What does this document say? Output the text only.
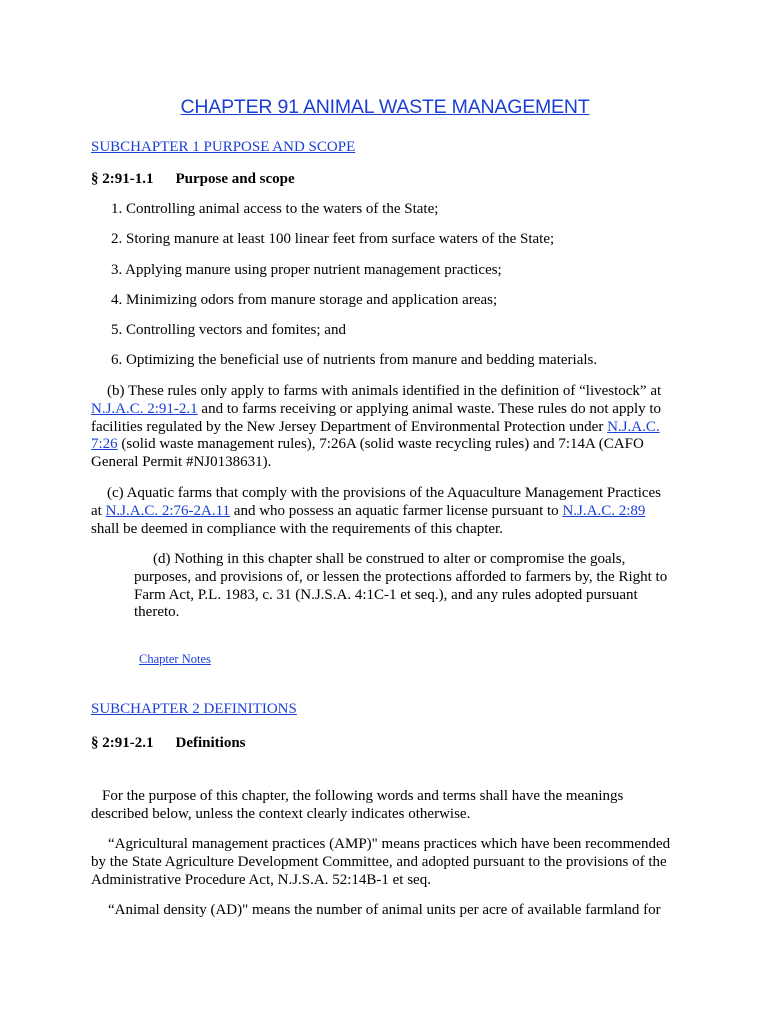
CHAPTER 91 ANIMAL WASTE MANAGEMENT
SUBCHAPTER 1 PURPOSE AND SCOPE
§ 2:91-1.1 Purpose and scope
1. Controlling animal access to the waters of the State;
2. Storing manure at least 100 linear feet from surface waters of the State;
3. Applying manure using proper nutrient management practices;
4. Minimizing odors from manure storage and application areas;
5. Controlling vectors and fomites; and
6. Optimizing the beneficial use of nutrients from manure and bedding materials.
(b) These rules only apply to farms with animals identified in the definition of “livestock” at
N.J.A.C. 2:91-2.1 and to farms receiving or applying animal waste. These rules do not apply to
facilities regulated by the New Jersey Department of Environmental Protection under N.J.A.C.
7:26 (solid waste management rules), 7:26A (solid waste recycling rules) and 7:14A (CAFO
General Permit #NJ0138631).
(c) Aquatic farms that comply with the provisions of the Aquaculture Management Practices
at N.J.A.C. 2:76-2A.11 and who possess an aquatic farmer license pursuant to N.J.A.C. 2:89
shall be deemed in compliance with the requirements of this chapter.
(d) Nothing in this chapter shall be construed to alter or compromise the goals,
purposes, and provisions of, or lessen the protections afforded to farmers by, the Right to
Farm Act, P.L. 1983, c. 31 (N.J.S.A. 4:1C-1 et seq.), and any rules adopted pursuant
thereto.
Chapter Notes
SUBCHAPTER 2 DEFINITIONS
§ 2:91-2.1 Definitions
For the purpose of this chapter, the following words and terms shall have the meanings
described below, unless the context clearly indicates otherwise.
“Agricultural management practices (AMP)" means practices which have been recommended
by the State Agriculture Development Committee, and adopted pursuant to the provisions of the
Administrative Procedure Act, N.J.S.A. 52:14B-1 et seq.
“Animal density (AD)" means the number of animal units per acre of available farmland for
